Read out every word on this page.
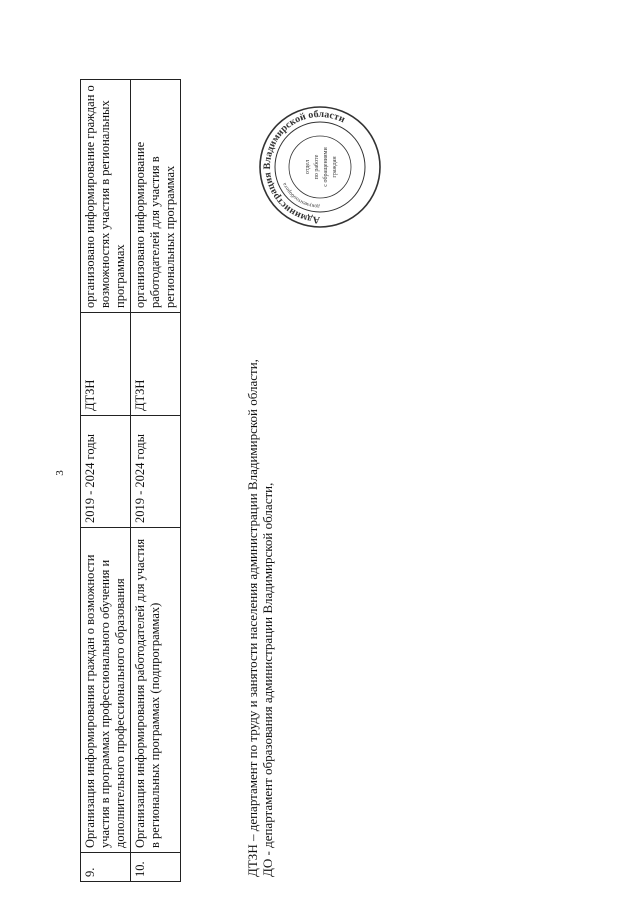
3
9.	Организация информирования граждан о возможности участия в программах профессионального обучения и дополнительного профессионального образования	2019 - 2024 годы	ДТЗН	организовано информирование граждан о возможностях участия в региональных программах
10.	Организация информирования работодателей для участия в региональных программах (подпрограммах)	2019 - 2024 годы	ДТЗН	организовано информирование работодателей для участия в региональных программах
ДТЗН – департамент по труду и занятости населения администрации Владимирской области, ДО - департамент образования администрации Владимирской области,
Администрация Владимирской области
документооборота
отдел по работе с обращениями граждан
